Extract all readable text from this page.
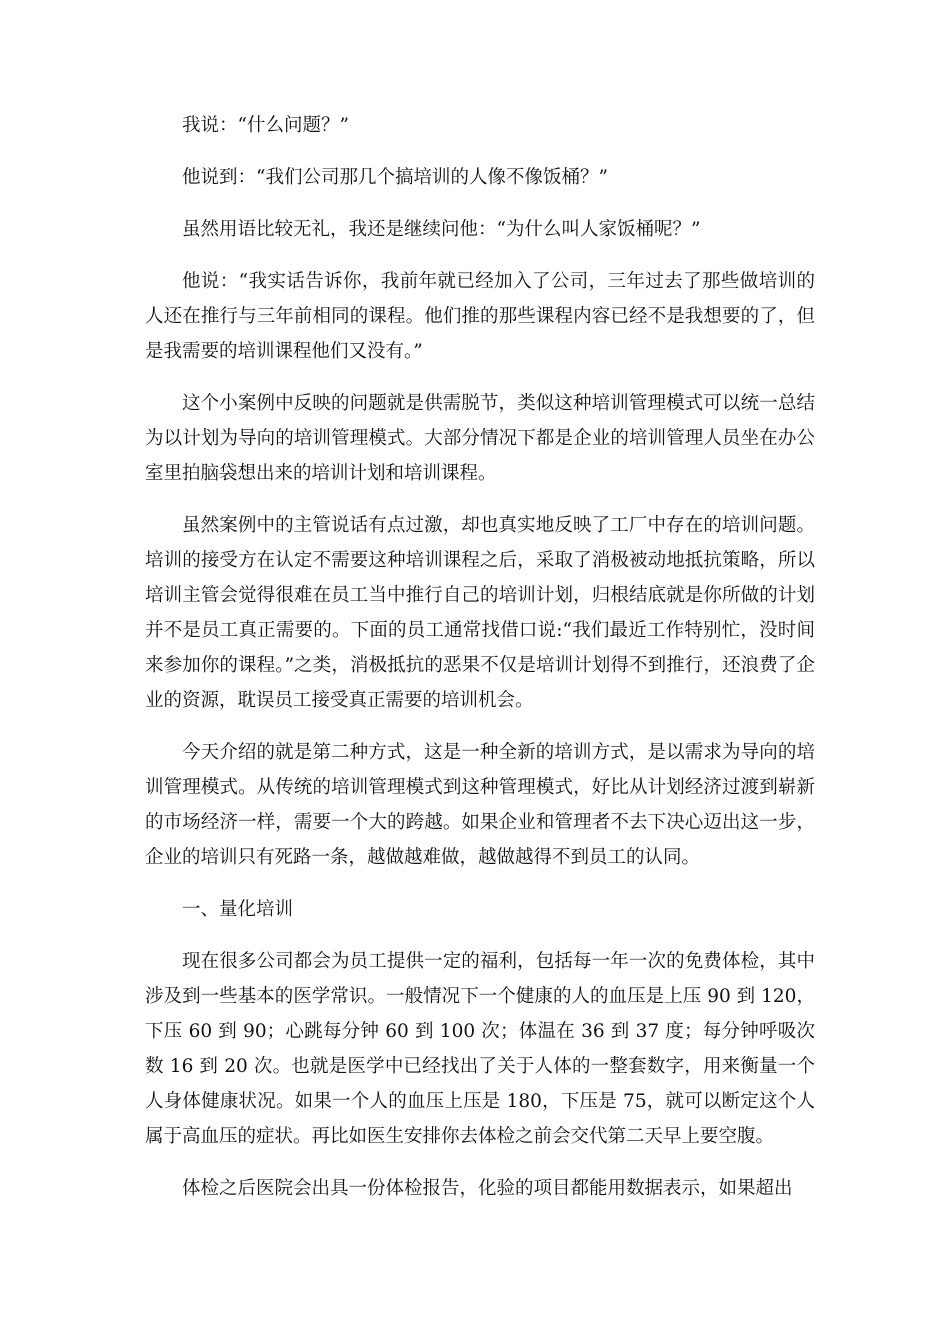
我说：“什么问题？”

他说到：“我们公司那几个搞培训的人像不像饭桶？”

虽然用语比较无礼，我还是继续问他：“为什么叫人家饭桶呢？”

他说：“我实话告诉你，我前年就已经加入了公司，三年过去了那些做培训的人还在推行与三年前相同的课程。他们推的那些课程内容已经不是我想要的了，但是我需要的培训课程他们又没有。”

这个小案例中反映的问题就是供需脱节，类似这种培训管理模式可以统一总结为以计划为导向的培训管理模式。大部分情况下都是企业的培训管理人员坐在办公室里拍脑袋想出来的培训计划和培训课程。

虽然案例中的主管说话有点过激，却也真实地反映了工厂中存在的培训问题。培训的接受方在认定不需要这种培训课程之后，采取了消极被动地抵抗策略，所以培训主管会觉得很难在员工当中推行自己的培训计划，归根结底就是你所做的计划并不是员工真正需要的。下面的员工通常找借口说:“我们最近工作特别忙，没时间来参加你的课程。”之类，消极抵抗的恶果不仅是培训计划得不到推行，还浪费了企业的资源，耽误员工接受真正需要的培训机会。

今天介绍的就是第二种方式，这是一种全新的培训方式，是以需求为导向的培训管理模式。从传统的培训管理模式到这种管理模式，好比从计划经济过渡到崭新的市场经济一样，需要一个大的跨越。如果企业和管理者不去下决心迈出这一步，企业的培训只有死路一条，越做越难做，越做越得不到员工的认同。

一、量化培训

现在很多公司都会为员工提供一定的福利，包括每一年一次的免费体检，其中涉及到一些基本的医学常识。一般情况下一个健康的人的血压是上压 90 到 120，下压 60 到 90；心跳每分钟 60 到 100 次；体温在 36 到 37 度；每分钟呼吸次数 16 到 20 次。也就是医学中已经找出了关于人体的一整套数字，用来衡量一个人身体健康状况。如果一个人的血压上压是 180，下压是 75，就可以断定这个人属于高血压的症状。再比如医生安排你去体检之前会交代第二天早上要空腹。

体检之后医院会出具一份体检报告，化验的项目都能用数据表示，如果超出
